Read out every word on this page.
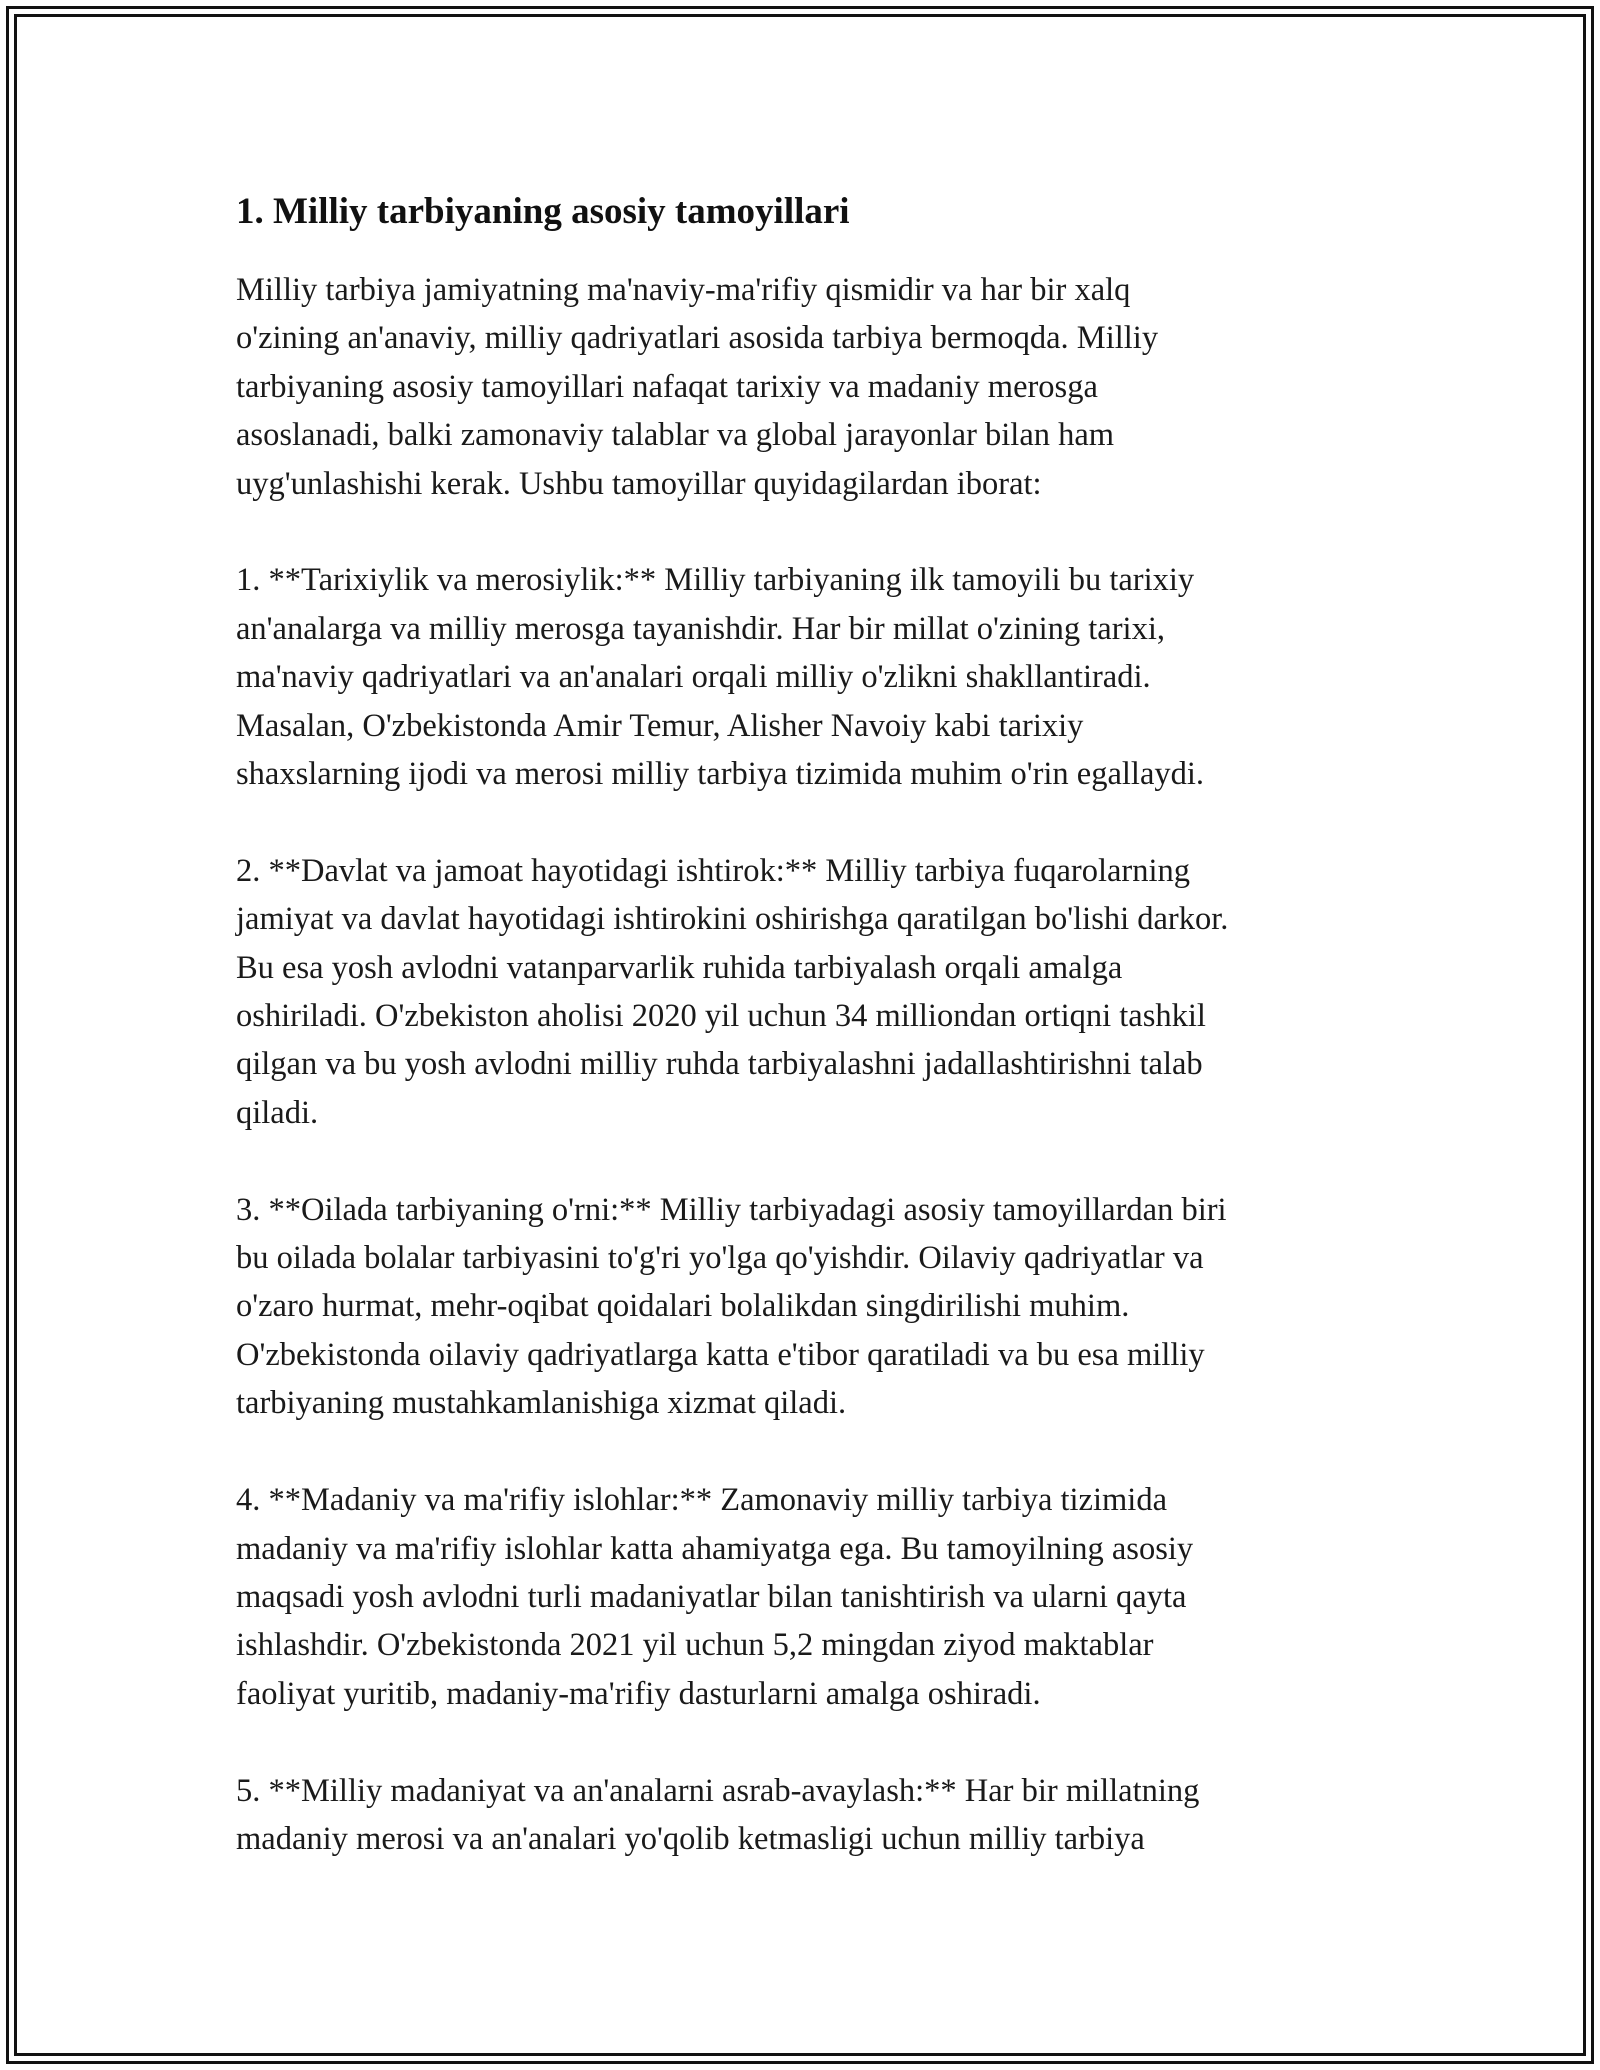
1. Milliy tarbiyaning asosiy tamoyillari
Milliy tarbiya jamiyatning ma'naviy-ma'rifiy qismidir va har bir xalq
o'zining an'anaviy, milliy qadriyatlari asosida tarbiya bermoqda. Milliy
tarbiyaning asosiy tamoyillari nafaqat tarixiy va madaniy merosga
asoslanadi, balki zamonaviy talablar va global jarayonlar bilan ham
uyg'unlashishi kerak. Ushbu tamoyillar quyidagilardan iborat:
1. **Tarixiylik va merosiylik:** Milliy tarbiyaning ilk tamoyili bu tarixiy
an'analarga va milliy merosga tayanishdir. Har bir millat o'zining tarixi,
ma'naviy qadriyatlari va an'analari orqali milliy o'zlikni shakllantiradi.
Masalan, O'zbekistonda Amir Temur, Alisher Navoiy kabi tarixiy
shaxslarning ijodi va merosi milliy tarbiya tizimida muhim o'rin egallaydi.
2. **Davlat va jamoat hayotidagi ishtirok:** Milliy tarbiya fuqarolarning
jamiyat va davlat hayotidagi ishtirokini oshirishga qaratilgan bo'lishi darkor.
Bu esa yosh avlodni vatanparvarlik ruhida tarbiyalash orqali amalga
oshiriladi. O'zbekiston aholisi 2020 yil uchun 34 milliondan ortiqni tashkil
qilgan va bu yosh avlodni milliy ruhda tarbiyalashni jadallashtirishni talab
qiladi.
3. **Oilada tarbiyaning o'rni:** Milliy tarbiyadagi asosiy tamoyillardan biri
bu oilada bolalar tarbiyasini to'g'ri yo'lga qo'yishdir. Oilaviy qadriyatlar va
o'zaro hurmat, mehr-oqibat qoidalari bolalikdan singdirilishi muhim.
O'zbekistonda oilaviy qadriyatlarga katta e'tibor qaratiladi va bu esa milliy
tarbiyaning mustahkamlanishiga xizmat qiladi.
4. **Madaniy va ma'rifiy islohlar:** Zamonaviy milliy tarbiya tizimida
madaniy va ma'rifiy islohlar katta ahamiyatga ega. Bu tamoyilning asosiy
maqsadi yosh avlodni turli madaniyatlar bilan tanishtirish va ularni qayta
ishlashdir. O'zbekistonda 2021 yil uchun 5,2 mingdan ziyod maktablar
faoliyat yuritib, madaniy-ma'rifiy dasturlarni amalga oshiradi.
5. **Milliy madaniyat va an'analarni asrab-avaylash:** Har bir millatning
madaniy merosi va an'analari yo'qolib ketmasligi uchun milliy tarbiya
